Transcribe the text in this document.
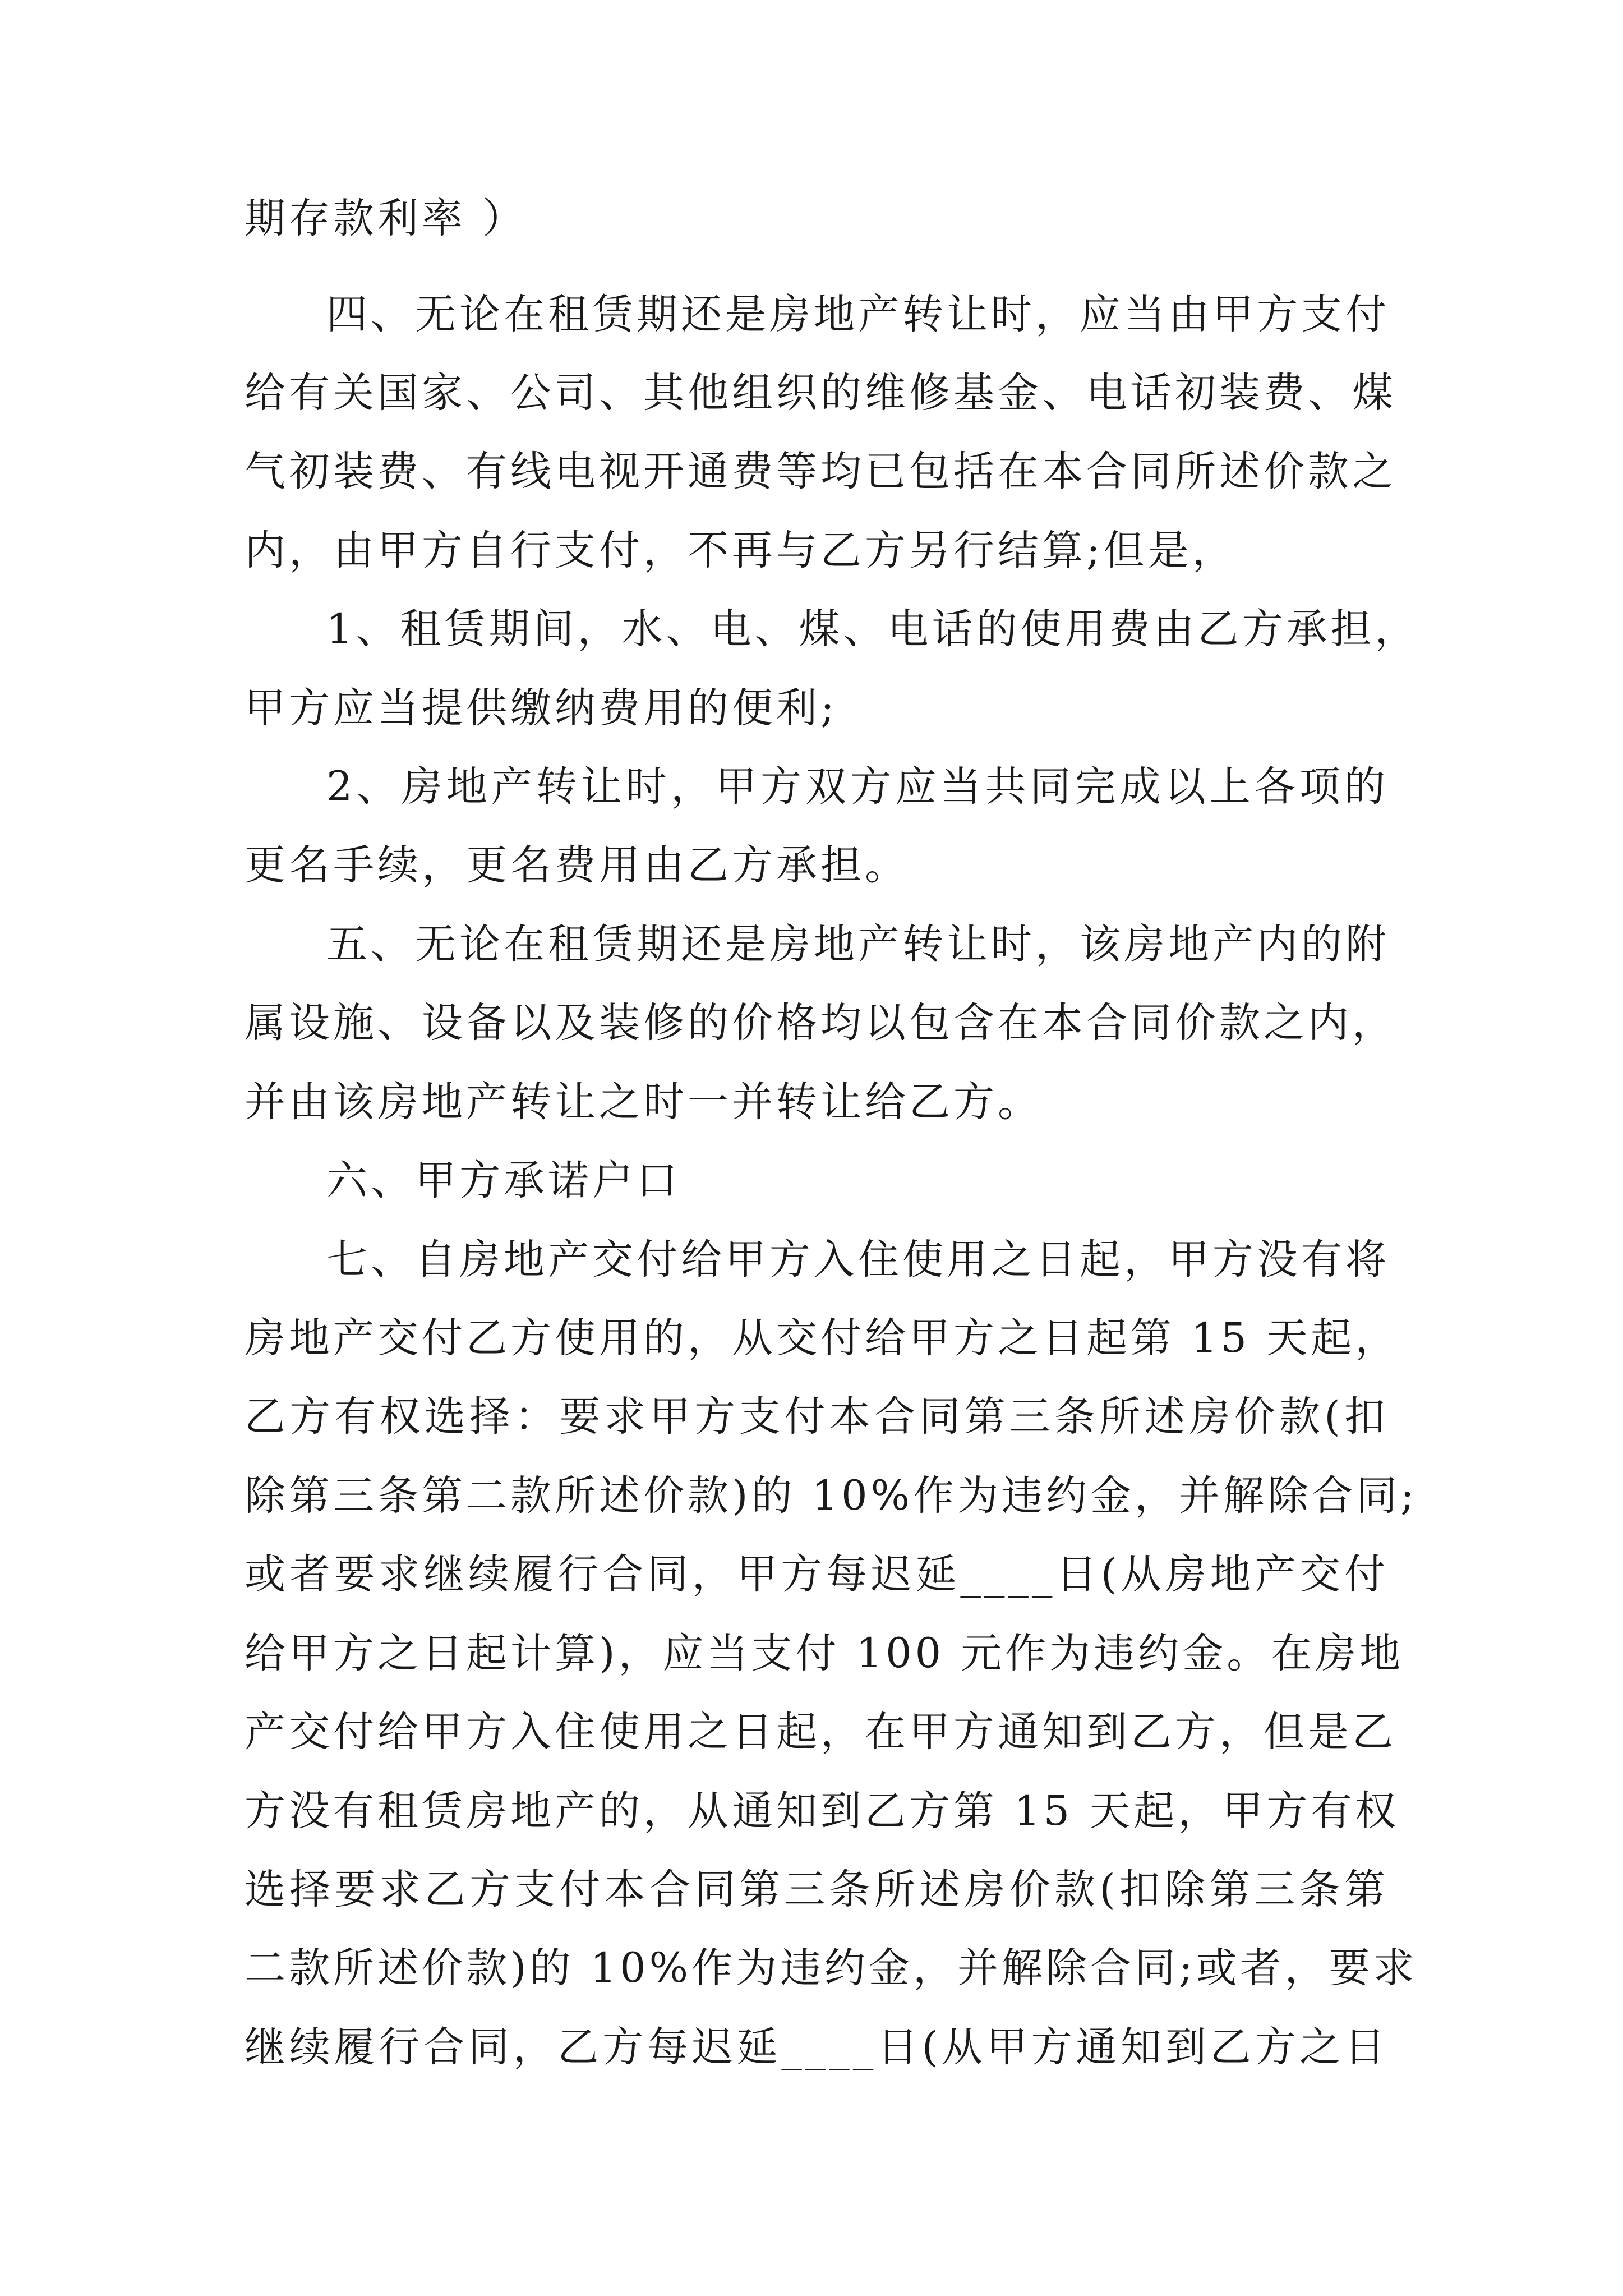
期存款利率 ）
四、无论在租赁期还是房地产转让时，应当由甲方支付
给有关国家、公司、其他组织的维修基金、电话初装费、煤
气初装费、有线电视开通费等均已包括在本合同所述价款之
内，由甲方自行支付，不再与乙方另行结算;但是，
1、租赁期间，水、电、煤、电话的使用费由乙方承担，
甲方应当提供缴纳费用的便利;
2、房地产转让时，甲方双方应当共同完成以上各项的
更名手续，更名费用由乙方承担。
五、无论在租赁期还是房地产转让时，该房地产内的附
属设施、设备以及装修的价格均以包含在本合同价款之内，
并由该房地产转让之时一并转让给乙方。
六、甲方承诺户口
七、自房地产交付给甲方入住使用之日起，甲方没有将
房地产交付乙方使用的，从交付给甲方之日起第 15 天起，
乙方有权选择：要求甲方支付本合同第三条所述房价款(扣
除第三条第二款所述价款)的 10%作为违约金，并解除合同;
或者要求继续履行合同，甲方每迟延____日(从房地产交付
给甲方之日起计算)，应当支付 100 元作为违约金。在房地
产交付给甲方入住使用之日起，在甲方通知到乙方，但是乙
方没有租赁房地产的，从通知到乙方第 15 天起，甲方有权
选择要求乙方支付本合同第三条所述房价款(扣除第三条第
二款所述价款)的 10%作为违约金，并解除合同;或者，要求
继续履行合同，乙方每迟延____日(从甲方通知到乙方之日
